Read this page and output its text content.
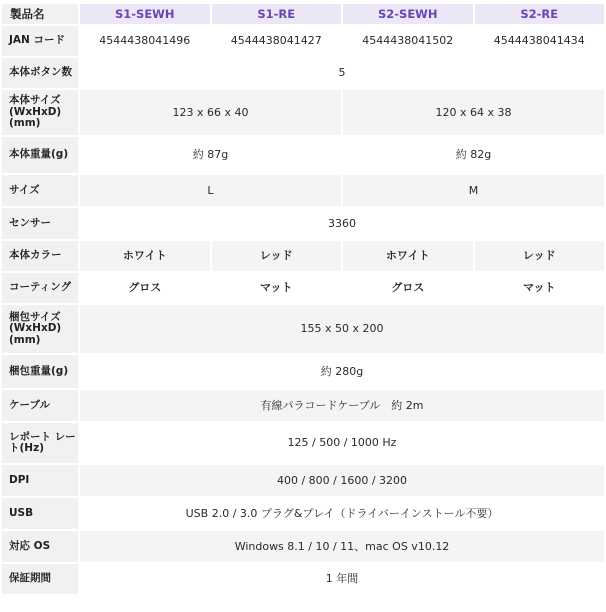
製品名	S1-SEWH	S1-RE	S2-SEWH	S2-RE
JAN コード	4544438041496	4544438041427	4544438041502	4544438041434
本体ボタン数	5			
本体サイズ (WxHxD) (mm)	123 x 66 x 40		120 x 64 x 38	
本体重量(g)	約 87g		約 82g	
サイズ	L		M	
センサー	3360			
本体カラー	ホワイト	レッド	ホワイト	レッド
コーティング	グロス	マット	グロス	マット
梱包サイズ (WxHxD) (mm)	155 x 50 x 200			
梱包重量(g)	約 280g			
ケーブル	有線パラコードケーブル　約 2m			
レポート レート(Hz)	125 / 500 / 1000 Hz			
DPI	400 / 800 / 1600 / 3200			
USB	USB 2.0 / 3.0 プラグ&プレイ（ドライバーインストール不要）			
対応 OS	Windows 8.1 / 10 / 11、mac OS v10.12			
保証期間	1 年間			
